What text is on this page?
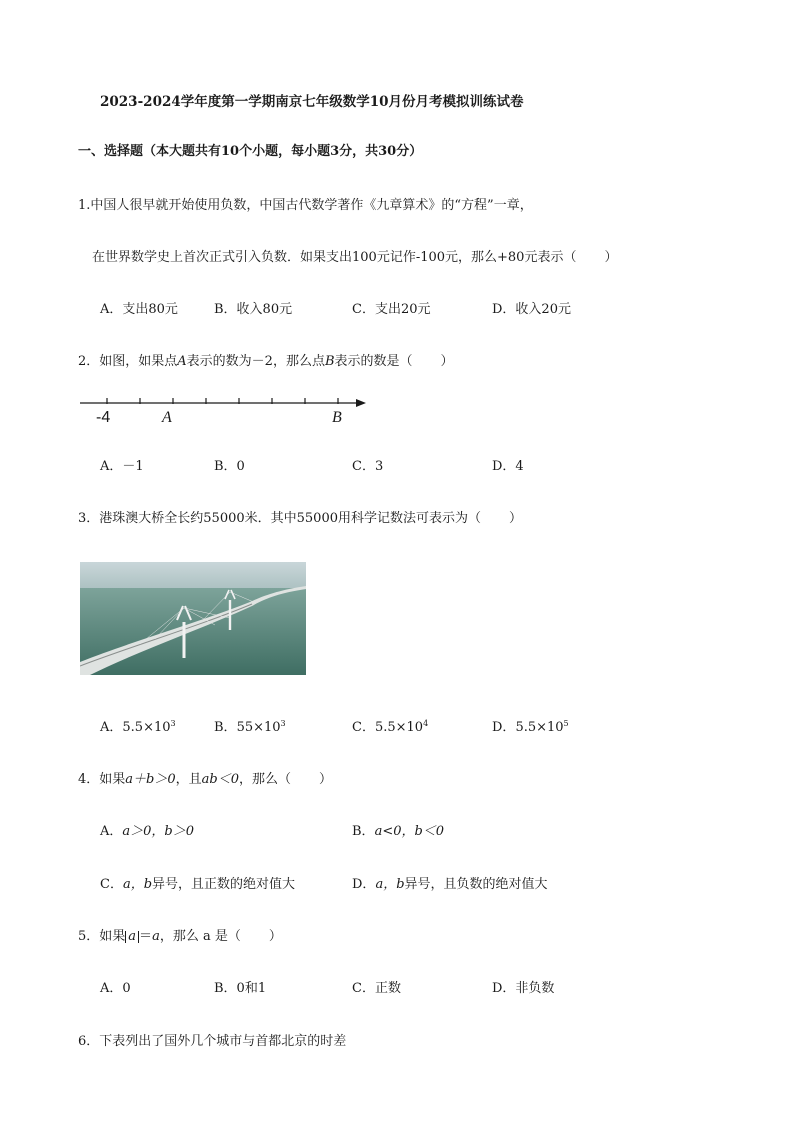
2023-2024学年度第一学期南京七年级数学10月份月考模拟训练试卷
一、选择题（本大题共有10个小题，每小题3分，共30分）
1.中国人很早就开始使用负数，中国古代数学著作《九章算术》的“方程”一章，
在世界数学史上首次正式引入负数．如果支出100元记作-100元，那么+80元表示（ ）
A．支出80元	B．收入80元	C．支出20元	D．收入20元
2．如图，如果点A表示的数为－2，那么点B表示的数是（ ）
-4	A	B
A．－1	B．0	C．3	D．4
3．港珠澳大桥全长约55000米．其中55000用科学记数法可表示为（ ）
A．$5.5\times 10^3$	B．$55\times 10^3$	C．$5.5\times 10^4$	D．$5.5\times 10^5$
4．如果a＋b＞0，且ab＜0，那么（ ）
A．a＞0，b＞0	B．a<0，b＜0
C．a，b异号，且正数的绝对值大	D．a，b异号，且负数的绝对值大
5．如果 a ＝a，那么 a 是（ ）
A．0	B．0和1	C．正数	D．非负数
6．下表列出了国外几个城市与首都北京的时差
